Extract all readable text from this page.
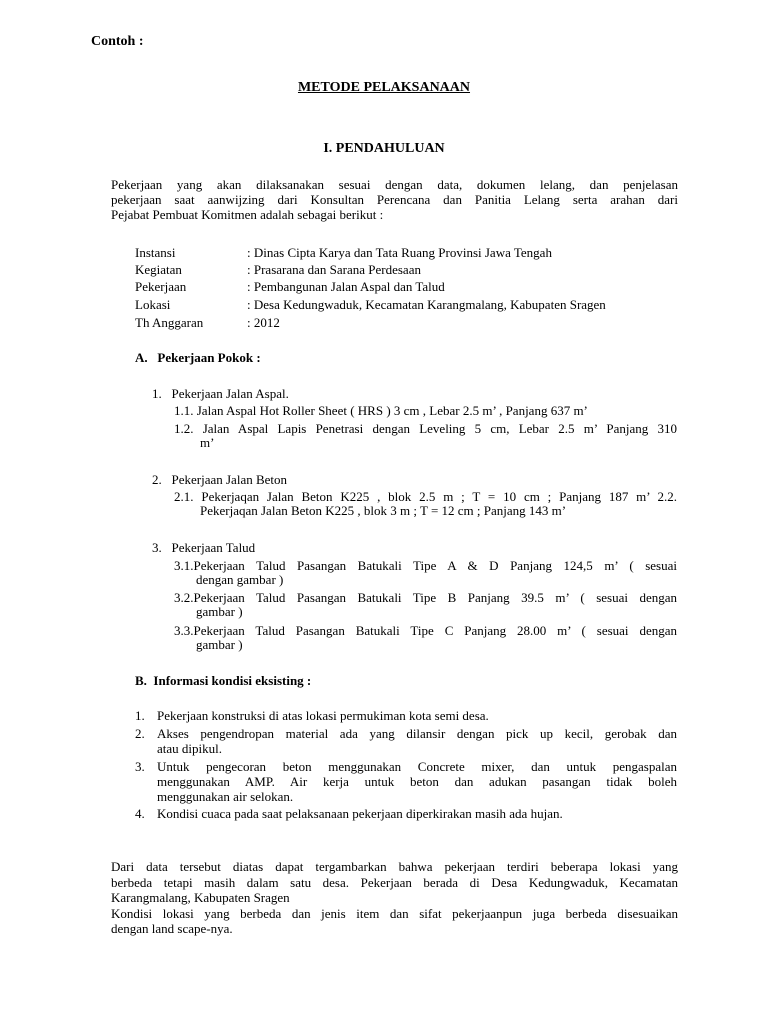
Contoh :
METODE PELAKSANAAN
I. PENDAHULUAN
Pekerjaan yang akan dilaksanakan sesuai dengan data, dokumen lelang, dan penjelasan
pekerjaan saat aanwijzing dari Konsultan Perencana dan Panitia Lelang serta arahan dari
Pejabat Pembuat Komitmen adalah sebagai berikut :
Instansi	: Dinas Cipta Karya dan Tata Ruang Provinsi Jawa Tengah
Kegiatan	: Prasarana dan Sarana Perdesaan
Pekerjaan	: Pembangunan Jalan Aspal dan Talud
Lokasi	: Desa Kedungwaduk, Kecamatan Karangmalang, Kabupaten Sragen
Th Anggaran	: 2012
A.   Pekerjaan Pokok :
1.   Pekerjaan Jalan Aspal.
1.1. Jalan Aspal Hot Roller Sheet ( HRS ) 3 cm , Lebar 2.5 m’ , Panjang 637 m’
1.2. Jalan Aspal Lapis Penetrasi dengan Leveling 5 cm, Lebar 2.5 m’ Panjang 310
m’
2.   Pekerjaan Jalan Beton
2.1. Pekerjaqan Jalan Beton K225 , blok 2.5 m ; T = 10 cm ; Panjang 187 m’ 2.2.
Pekerjaqan Jalan Beton K225 , blok 3 m ; T = 12 cm ; Panjang 143 m’
3.   Pekerjaan Talud
3.1.Pekerjaan Talud Pasangan Batukali Tipe A & D Panjang 124,5 m’ ( sesuai
dengan gambar )
3.2.Pekerjaan Talud Pasangan Batukali Tipe B Panjang 39.5 m’ ( sesuai dengan
gambar )
3.3.Pekerjaan Talud Pasangan Batukali Tipe C Panjang 28.00 m’ ( sesuai dengan
gambar )
B.  Informasi kondisi eksisting :
1. Pekerjaan konstruksi di atas lokasi permukiman kota semi desa.
2. Akses pengendropan material ada yang dilansir dengan pick up kecil, gerobak dan
atau dipikul.
3. Untuk pengecoran beton menggunakan Concrete mixer, dan untuk pengaspalan
menggunakan AMP. Air kerja untuk beton dan adukan pasangan tidak boleh
menggunakan air selokan.
4. Kondisi cuaca pada saat pelaksanaan pekerjaan diperkirakan masih ada hujan.
Dari data tersebut diatas dapat tergambarkan bahwa pekerjaan terdiri beberapa lokasi yang
berbeda tetapi masih dalam satu desa. Pekerjaan berada di Desa Kedungwaduk, Kecamatan
Karangmalang, Kabupaten Sragen
Kondisi lokasi yang berbeda dan jenis item dan sifat pekerjaanpun juga berbeda disesuaikan
dengan land scape-nya.
